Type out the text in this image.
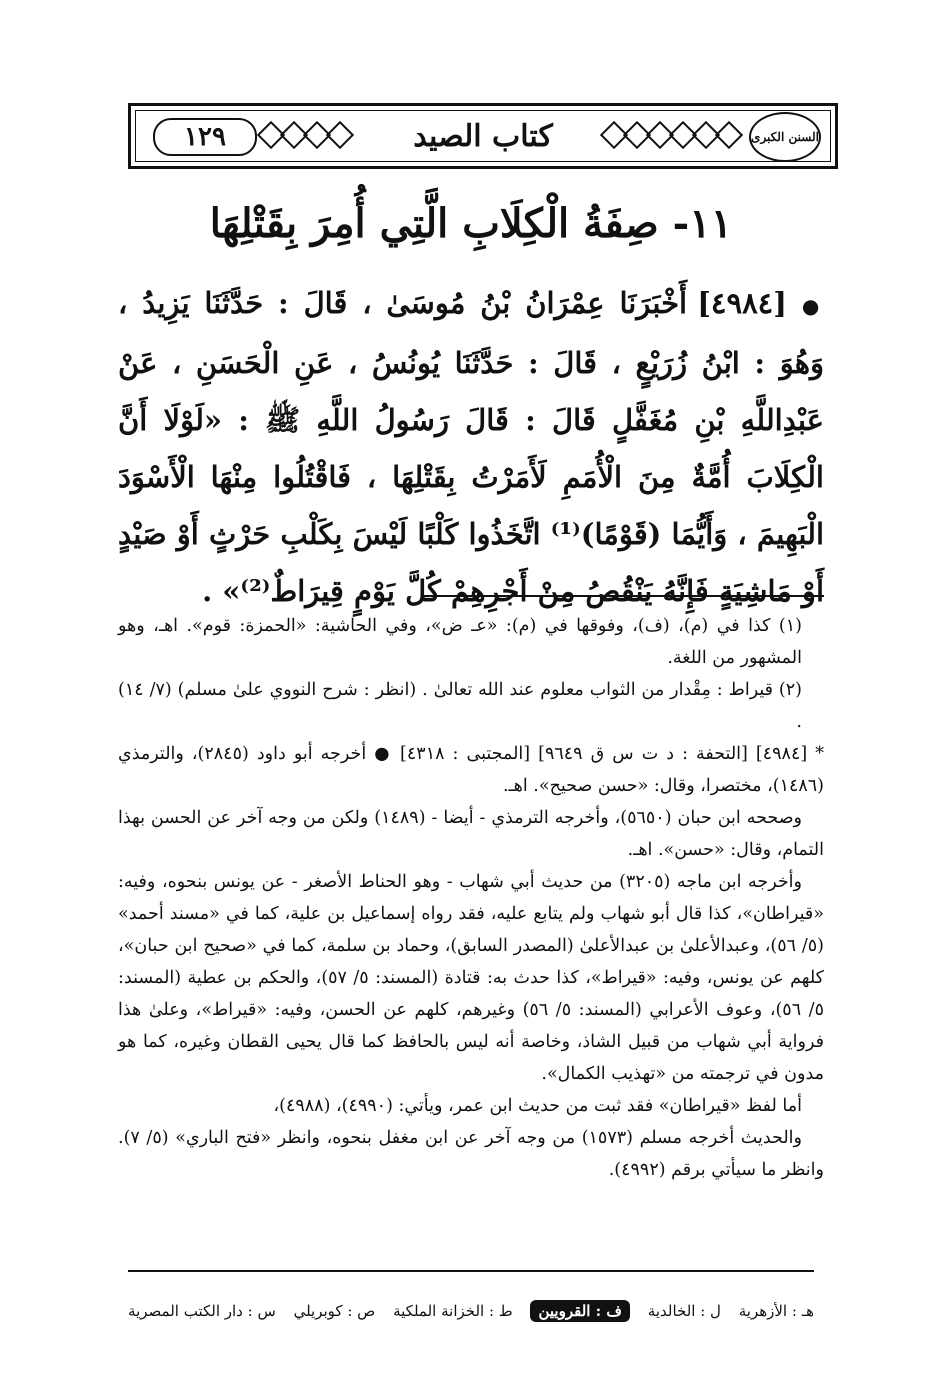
١٢٩	كتاب الصيد	السنن الكبرى
١١- صِفَةُ الْكِلَابِ الَّتِي أُمِرَ بِقَتْلِهَا
● [٤٩٨٤] أَخْبَرَنَا عِمْرَانُ بْنُ مُوسَىٰ ، قَالَ : حَدَّثَنَا يَزِيدُ ، وَهُوَ : ابْنُ زُرَيْعٍ ، قَالَ : حَدَّثَنَا يُونُسُ ، عَنِ الْحَسَنِ ، عَنْ عَبْدِاللَّهِ بْنِ مُغَفَّلٍ قَالَ : قَالَ رَسُولُ اللَّهِ ﷺ : «لَوْلَا أَنَّ الْكِلَابَ أُمَّةٌ مِنَ الْأُمَمِ لَأَمَرْتُ بِقَتْلِهَا ، فَاقْتُلُوا مِنْهَا الْأَسْوَدَ الْبَهِيمَ ، وَأَيُّمَا (قَوْمًا)⁽¹⁾ اتَّخَذُوا كَلْبًا لَيْسَ بِكَلْبِ حَرْثٍ أَوْ صَيْدٍ أَوْ مَاشِيَةٍ فَإِنَّهُ يَنْقُصُ مِنْ أَجْرِهِمْ كُلَّ يَوْمٍ قِيرَاطٌ⁽²⁾» .

(١) كذا في (م)، (ف)، وفوقها في (م): «عـ ض»، وفي الحاشية: «الحمزة: قوم». اهـ، وهو المشهور من اللغة.

(٢) قيراط : مِقْدار من الثواب معلوم عند الله تعالىٰ . (انظر : شرح النووي علىٰ مسلم) (٧/ ١٤) .

* [٤٩٨٤] [التحفة : د ت س ق ٩٦٤٩] [المجتبى : ٤٣١٨] ● أخرجه أبو داود (٢٨٤٥)، والترمذي (١٤٨٦)، مختصرا، وقال: «حسن صحيح». اهـ.

وصححه ابن حبان (٥٦٥٠)، وأخرجه الترمذي - أيضا - (١٤٨٩) ولكن من وجه آخر عن الحسن بهذا التمام، وقال: «حسن». اهـ.

وأخرجه ابن ماجه (٣٢٠٥) من حديث أبي شهاب - وهو الحناط الأصغر - عن يونس بنحوه، وفيه: «قيراطان»، كذا قال أبو شهاب ولم يتابع عليه، فقد رواه إسماعيل بن علية، كما في «مسند أحمد» (٥/ ٥٦)، وعبدالأعلىٰ بن عبدالأعلىٰ (المصدر السابق)، وحماد بن سلمة، كما في «صحيح ابن حبان»، كلهم عن يونس، وفيه: «قيراط»، كذا حدث به: قتادة (المسند: ٥/ ٥٧)، والحكم بن عطية (المسند: ٥/ ٥٦)، وعوف الأعرابي (المسند: ٥/ ٥٦) وغيرهم، كلهم عن الحسن، وفيه: «قيراط»، وعلىٰ هذا فرواية أبي شهاب من قبيل الشاذ، وخاصة أنه ليس بالحافظ كما قال يحيى القطان وغيره، كما هو مدون في ترجمته من «تهذيب الكمال».

أما لفظ «قيراطان» فقد ثبت من حديث ابن عمر، ويأتي: (٤٩٩٠)، (٤٩٨٨)،

والحديث أخرجه مسلم (١٥٧٣) من وجه آخر عن ابن مغفل بنحوه، وانظر «فتح الباري» (٥/ ٧). وانظر ما سيأتي برقم (٤٩٩٢).

س : دار الكتب المصرية ص : كوبريلي ط : الخزانة الملكية	ف : القرويين	ل : الخالدية هـ : الأزهرية
